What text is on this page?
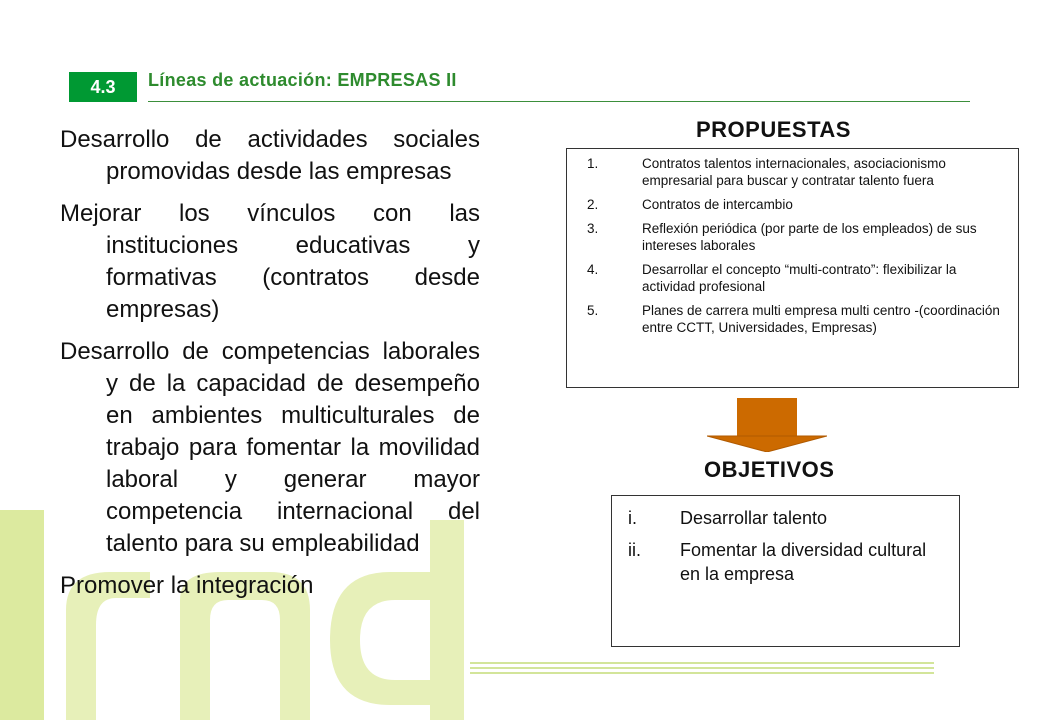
4.3	Líneas de actuación: EMPRESAS II

Desarrollo de actividades sociales promovidas desde las empresas

Mejorar los vínculos con las instituciones educativas y formativas (contratos desde empresas)

Desarrollo de competencias laborales y de la capacidad de desempeño en ambientes multiculturales de trabajo para fomentar la movilidad laboral y generar mayor competencia internacional del talento para su empleabilidad

Promover la integración

PROPUESTAS
1.	Contratos talentos internacionales, asociacionismo empresarial para buscar y contratar talento fuera
2.	Contratos de intercambio
3.	Reflexión periódica (por parte de los empleados) de sus intereses laborales
4.	Desarrollar el concepto “multi-contrato”: flexibilizar la actividad profesional
5.	Planes de carrera multi empresa multi centro -(coordinación entre CCTT, Universidades, Empresas)
OBJETIVOS
i.	Desarrollar talento
ii.	Fomentar la diversidad cultural en la empresa
